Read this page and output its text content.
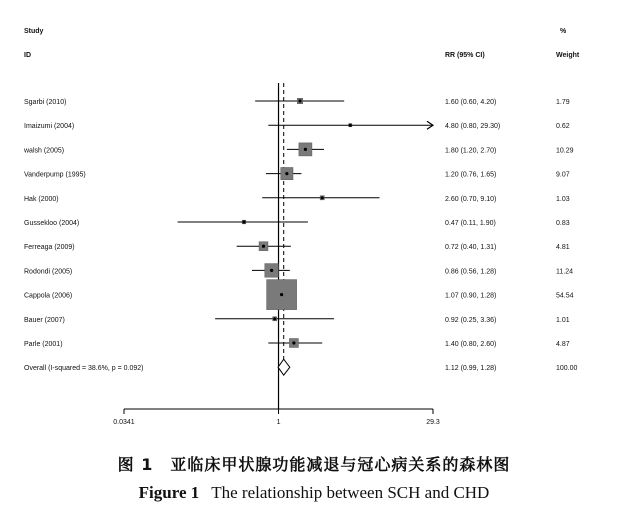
Study
ID	RR (95% CI)
%
Weight
Sgarbi (2010)	1.60 (0.60, 4.20)	1.79
Imaizumi (2004)	4.80 (0.80, 29.30)	0.62
walsh (2005)	1.80 (1.20, 2.70)	10.29
Vanderpump (1995)	1.20 (0.76, 1.65)	9.07
Hak (2000)	2.60 (0.70, 9.10)	1.03
Gussekloo (2004)	0.47 (0.11, 1.90)	0.83
Ferreaga (2009)	0.72 (0.40, 1.31)	4.81
Rodondi (2005)	0.86 (0.56, 1.28)	11.24
Cappola (2006)	1.07 (0.90, 1.28)	54.54
Bauer (2007)	0.92 (0.25, 3.36)	1.01
Parle (2001)	1.40 (0.80, 2.60)	4.87
Overall (I-squared = 38.6%, p = 0.092)	1.12 (0.99, 1.28)	100.00
0.0341	1	29.3
图 1　亚临床甲状腺功能减退与冠心病关系的森林图
Figure 1 The relationship between SCH and CHD
